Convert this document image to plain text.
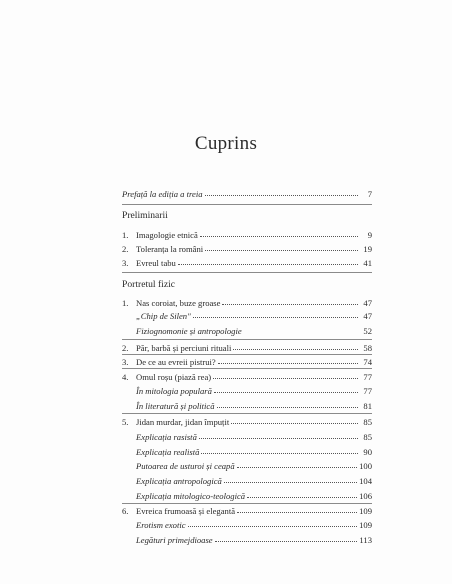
Cuprins
Prefață la ediția a treia	7
Preliminarii
1. Imagologie etnică	9
2. Toleranța la români	19
3. Evreul tabu	41
Portretul fizic
1. Nas coroiat, buze groase	47
„Chip de Silen"	47
Fiziognomonie și antropologie	52
2. Păr, barbă și perciuni rituali	58
3. De ce au evreii pistrui?	74
4. Omul roșu (piază rea)	77
În mitologia populară	77
În literatură și politică	81
5. Jidan murdar, jidan împuțit	85
Explicația rasistă	85
Explicația realistă	90
Putoarea de usturoi și ceapă	100
Explicația antropologică	104
Explicația mitologico-teologică	106
6. Evreica frumoasă și elegantă	109
Erotism exotic	109
Legături primejdioase	113
